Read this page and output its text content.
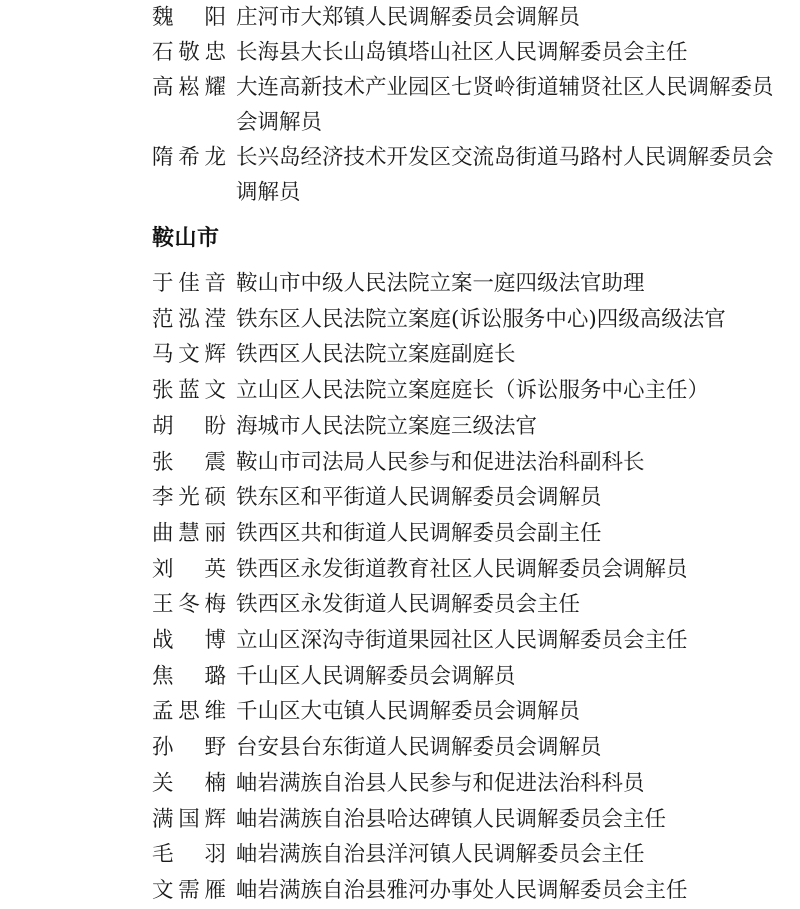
魏　阳 庄河市大郑镇人民调解委员会调解员
石敬忠 长海县大长山岛镇塔山社区人民调解委员会主任
高崧耀 大连高新技术产业园区七贤岭街道辅贤社区人民调解委员会调解员
隋希龙 长兴岛经济技术开发区交流岛街道马路村人民调解委员会调解员
鞍山市
于佳音 鞍山市中级人民法院立案一庭四级法官助理
范泓滢 铁东区人民法院立案庭(诉讼服务中心)四级高级法官
马文辉 铁西区人民法院立案庭副庭长
张蓝文 立山区人民法院立案庭庭长（诉讼服务中心主任）
胡　盼 海城市人民法院立案庭三级法官
张　震 鞍山市司法局人民参与和促进法治科副科长
李光硕 铁东区和平街道人民调解委员会调解员
曲慧丽 铁西区共和街道人民调解委员会副主任
刘　英 铁西区永发街道教育社区人民调解委员会调解员
王冬梅 铁西区永发街道人民调解委员会主任
战　博 立山区深沟寺街道果园社区人民调解委员会主任
焦　璐 千山区人民调解委员会调解员
孟思维 千山区大屯镇人民调解委员会调解员
孙　野 台安县台东街道人民调解委员会调解员
关　楠 岫岩满族自治县人民参与和促进法治科科员
满国辉 岫岩满族自治县哈达碑镇人民调解委员会主任
毛　羽 岫岩满族自治县洋河镇人民调解委员会主任
文需雁 岫岩满族自治县雅河办事处人民调解委员会主任
